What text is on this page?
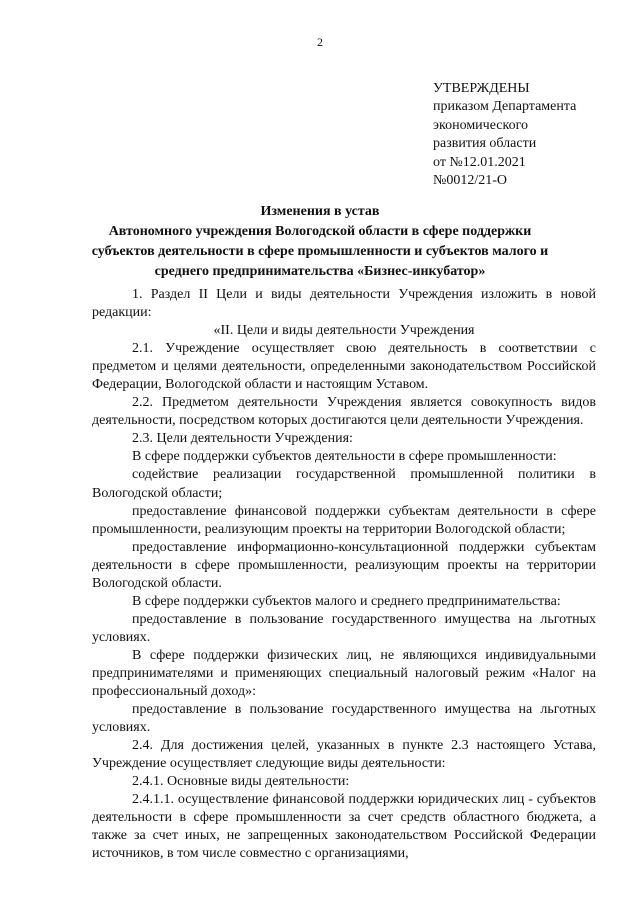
2
УТВЕРЖДЕНЫ
приказом Департамента
экономического
развития области
от №12.01.2021
№0012/21-О
Изменения в устав
Автономного учреждения Вологодской области в сфере поддержки
субъектов деятельности в сфере промышленности и субъектов малого и
среднего предпринимательства «Бизнес-инкубатор»

1. Раздел II Цели и виды деятельности Учреждения изложить в новой редакции:

«II. Цели и виды деятельности Учреждения

2.1. Учреждение осуществляет свою деятельность в соответствии с предметом и целями деятельности, определенными законодательством Российской Федерации, Вологодской области и настоящим Уставом.

2.2. Предметом деятельности Учреждения является совокупность видов деятельности, посредством которых достигаются цели деятельности Учреждения.

2.3. Цели деятельности Учреждения:

В сфере поддержки субъектов деятельности в сфере промышленности:

содействие реализации государственной промышленной политики в Вологодской области;

предоставление финансовой поддержки субъектам деятельности в сфере промышленности, реализующим проекты на территории Вологодской области;

предоставление информационно-консультационной поддержки субъектам деятельности в сфере промышленности, реализующим проекты на территории Вологодской области.

В сфере поддержки субъектов малого и среднего предпринимательства:

предоставление в пользование государственного имущества на льготных условиях.

В сфере поддержки физических лиц, не являющихся индивидуальными предпринимателями и применяющих специальный налоговый режим «Налог на профессиональный доход»:

предоставление в пользование государственного имущества на льготных условиях.

2.4. Для достижения целей, указанных в пункте 2.3 настоящего Устава, Учреждение осуществляет следующие виды деятельности:

2.4.1. Основные виды деятельности:

2.4.1.1. осуществление финансовой поддержки юридических лиц - субъектов деятельности в сфере промышленности за счет средств областного бюджета, а также за счет иных, не запрещенных законодательством Российской Федерации источников, в том числе совместно с организациями,
